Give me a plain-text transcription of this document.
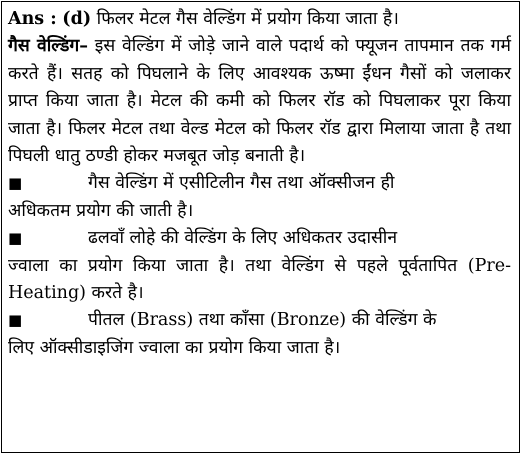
Ans : (d) फिलर मेटल गैस वेल्डिंग में प्रयोग किया जाता है।

गैस वेल्डिंग– इस वेल्डिंग में जोड़े जाने वाले पदार्थ को फ्यूजन तापमान तक गर्म करते हैं। सतह को पिघलाने के लिए आवश्यक ऊष्मा ईंधन गैसों को जलाकर प्राप्त किया जाता है। मेटल की कमी को फिलर रॉड को पिघलाकर पूरा किया जाता है। फिलर मेटल तथा वेल्ड मेटल को फिलर रॉड द्वारा मिलाया जाता है तथा पिघली धातु ठण्डी होकर मजबूत जोड़ बनाती है।

■	गैस वेल्डिंग में एसीटिलीन गैस तथा ऑक्सीजन ही
अधिकतम प्रयोग की जाती है।

■	ढलवाँ लोहे की वेल्डिंग के लिए अधिकतर उदासीन
ज्वाला का प्रयोग किया जाता है। तथा वेल्डिंग से पहले पूर्वतापित (Pre-Heating) करते है।

■	पीतल (Brass) तथा काँसा (Bronze) की वेल्डिंग के
लिए ऑक्सीडाइजिंग ज्वाला का प्रयोग किया जाता है।
